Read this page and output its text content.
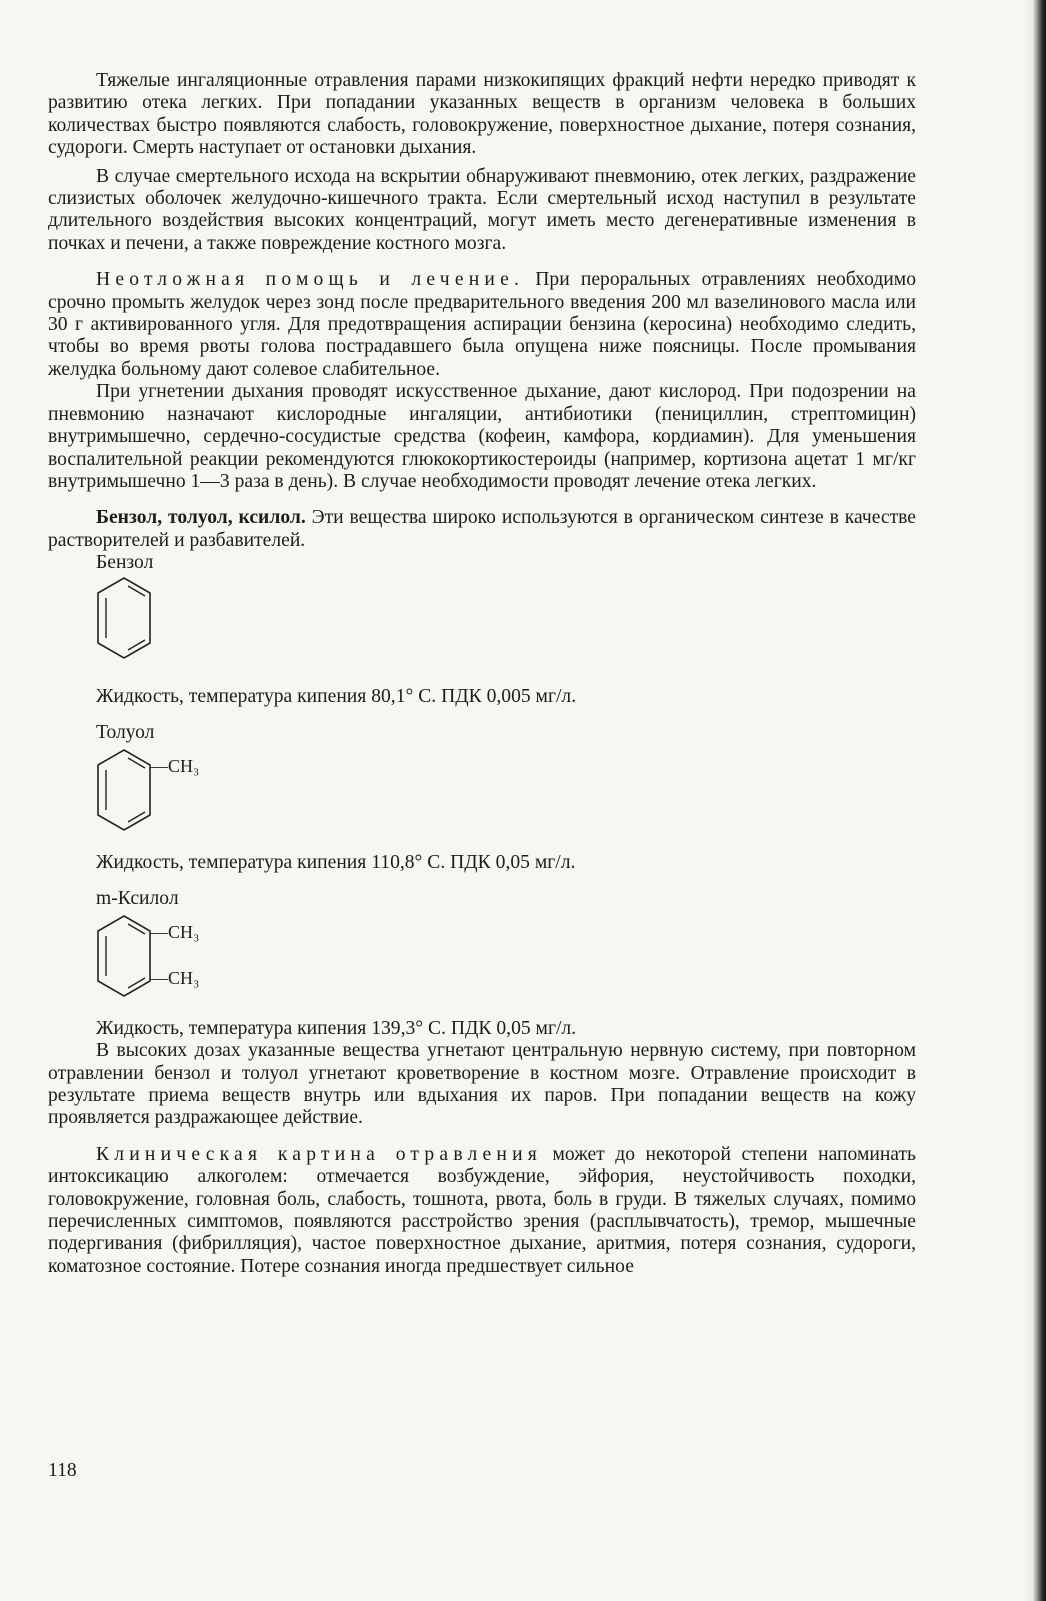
Тяжелые ингаляционные отравления парами низкокипящих фракций нефти нередко приводят к развитию отека легких. При попадании указанных веществ в организм человека в больших количествах быстро появляются слабость, головокружение, поверхностное дыхание, потеря сознания, судороги. Смерть наступает от остановки дыхания.

В случае смертельного исхода на вскрытии обнаруживают пневмонию, отек легких, раздражение слизистых оболочек желудочно-кишечного тракта. Если смертельный исход наступил в результате длительного воздействия высоких концентраций, могут иметь место дегенеративные изменения в почках и печени, а также повреждение костного мозга.

Неотложная помощь и лечение. При пероральных отравлениях необходимо срочно промыть желудок через зонд после предварительного введения 200 мл вазелинового масла или 30 г активированного угля. Для предотвращения аспирации бензина (керосина) необходимо следить, чтобы во время рвоты голова пострадавшего была опущена ниже поясницы. После промывания желудка больному дают солевое слабительное.

При угнетении дыхания проводят искусственное дыхание, дают кислород. При подозрении на пневмонию назначают кислородные ингаляции, антибиотики (пенициллин, стрептомицин) внутримышечно, сердечно-сосудистые средства (кофеин, камфора, кордиамин). Для уменьшения воспалительной реакции рекомендуются глюкокортикостероиды (например, кортизона ацетат 1 мг/кг внутримышечно 1—3 раза в день). В случае необходимости проводят лечение отека легких.

Бензол, толуол, ксилол. Эти вещества широко используются в органическом синтезе в качестве растворителей и разбавителей.

Бензол
Жидкость, температура кипения 80,1° С. ПДК 0,005 мг/л.
Толуол
—CH₃
Жидкость, температура кипения 110,8° С. ПДК 0,05 мг/л.
m-Ксилол
—CH₃
—CH₃
Жидкость, температура кипения 139,3° С. ПДК 0,05 мг/л.

В высоких дозах указанные вещества угнетают центральную нервную систему, при повторном отравлении бензол и толуол угнетают кроветворение в костном мозге. Отравление происходит в результате приема веществ внутрь или вдыхания их паров. При попадании веществ на кожу проявляется раздражающее действие.

Клиническая картина отравления может до некоторой степени напоминать интоксикацию алкоголем: отмечается возбуждение, эйфория, неустойчивость походки, головокружение, головная боль, слабость, тошнота, рвота, боль в груди. В тяжелых случаях, помимо перечисленных симптомов, появляются расстройство зрения (расплывчатость), тремор, мышечные подергивания (фибрилляция), частое поверхностное дыхание, аритмия, потеря сознания, судороги, коматозное состояние. Потере сознания иногда предшествует сильное

118
